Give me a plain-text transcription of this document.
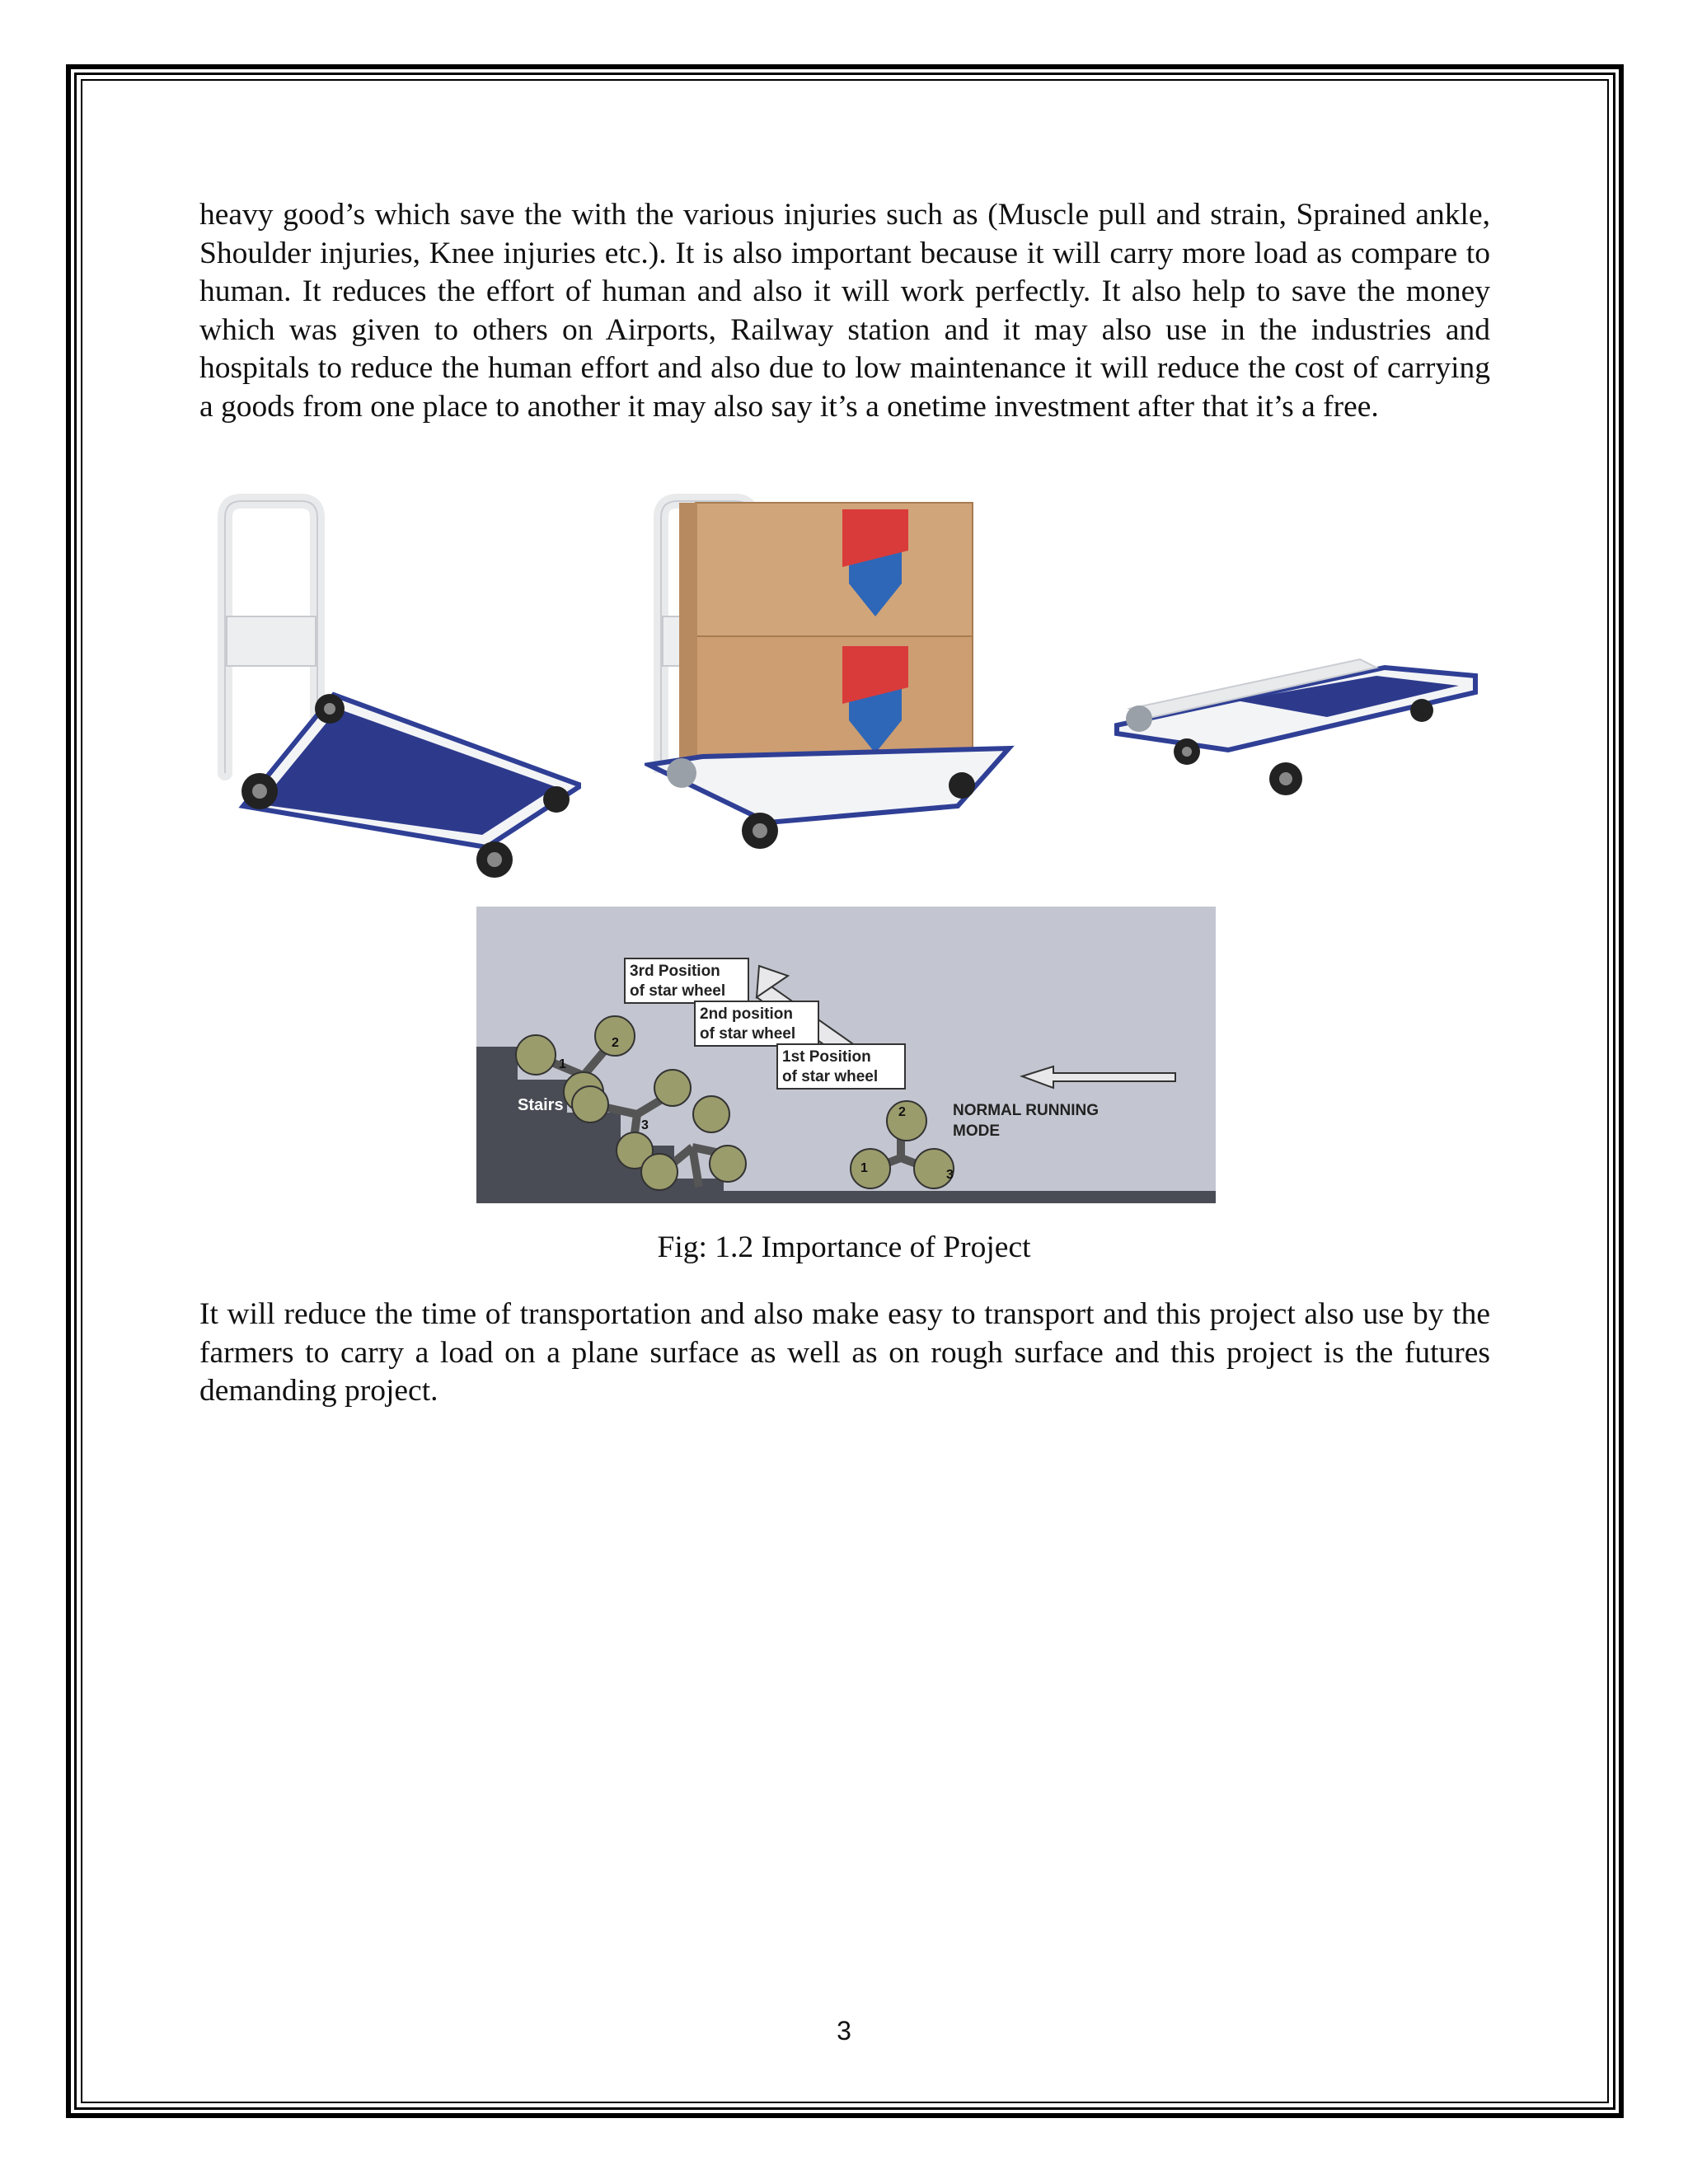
heavy good’s which save the with the various injuries such as (Muscle pull and strain, Sprained ankle, Shoulder injuries, Knee injuries etc.). It is also important because it will carry more load as compare to human. It reduces the effort of human and also it will work perfectly. It also help to save the money which was given to others on Airports, Railway station and it may also use in the industries and hospitals to reduce the human effort and also due to low maintenance it will reduce the cost of carrying a goods from one place to another it may also say it’s a onetime investment after that it’s a free.

Stairs
3rd Position
of star wheel
2nd position
of star wheel
1st Position
of star wheel
NORMAL RUNNING
MODE
1
2
3
1
2
3

Fig: 1.2 Importance of Project

It will reduce the time of transportation and also make easy to transport and this project also use by the farmers to carry a load on a plane surface as well as on rough surface and this project is the futures demanding project.

3
